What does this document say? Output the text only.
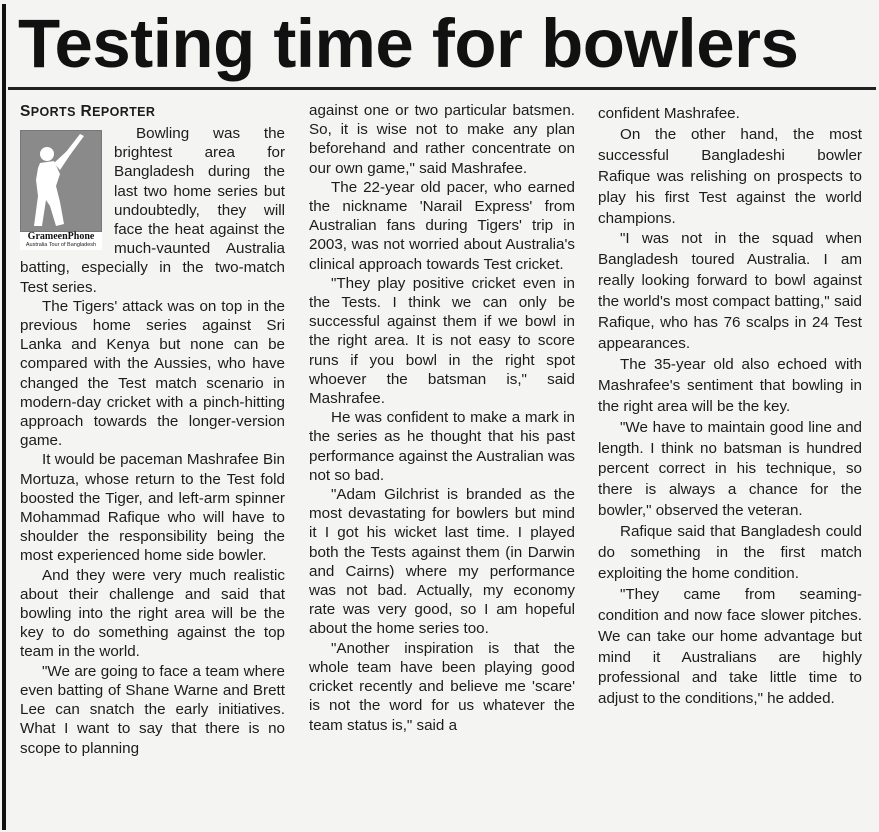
Testing time for bowlers
SPORTS REPORTER
GrameenPhone
Australia Tour of Bangladesh

Bowling was the brightest area for Bangladesh during the last two home series but undoubtedly, they will face the heat against the much-vaunted Australia batting, especially in the two-match Test series.

The Tigers' attack was on top in the previous home series against Sri Lanka and Kenya but none can be compared with the Aussies, who have changed the Test match scenario in modern-day cricket with a pinch-hitting approach towards the longer-version game.

It would be paceman Mashrafee Bin Mortuza, whose return to the Test fold boosted the Tiger, and left-arm spinner Mohammad Rafique who will have to shoulder the responsibility being the most experienced home side bowler.

And they were very much realistic about their challenge and said that bowling into the right area will be the key to do something against the top team in the world.

"We are going to face a team where even batting of Shane Warne and Brett Lee can snatch the early initiatives. What I want to say that there is no scope to planning

against one or two particular batsmen. So, it is wise not to make any plan beforehand and rather concentrate on our own game," said Mashrafee.

The 22-year old pacer, who earned the nickname 'Narail Express' from Australian fans during Tigers' trip in 2003, was not worried about Australia's clinical approach towards Test cricket.

"They play positive cricket even in the Tests. I think we can only be successful against them if we bowl in the right area. It is not easy to score runs if you bowl in the right spot whoever the batsman is," said Mashrafee.

He was confident to make a mark in the series as he thought that his past performance against the Australian was not so bad.

"Adam Gilchrist is branded as the most devastating for bowlers but mind it I got his wicket last time. I played both the Tests against them (in Darwin and Cairns) where my performance was not bad. Actually, my economy rate was very good, so I am hopeful about the home series too.

"Another inspiration is that the whole team have been playing good cricket recently and believe me 'scare' is not the word for us whatever the team status is," said a

confident Mashrafee.

On the other hand, the most successful Bangladeshi bowler Rafique was relishing on prospects to play his first Test against the world champions.

"I was not in the squad when Bangladesh toured Australia. I am really looking forward to bowl against the world's most compact batting," said Rafique, who has 76 scalps in 24 Test appearances.

The 35-year old also echoed with Mashrafee's sentiment that bowling in the right area will be the key.

"We have to maintain good line and length. I think no batsman is hundred percent correct in his technique, so there is always a chance for the bowler," observed the veteran.

Rafique said that Bangladesh could do something in the first match exploiting the home condition.

"They came from seaming-condition and now face slower pitches. We can take our home advantage but mind it Australians are highly professional and take little time to adjust to the conditions," he added.
